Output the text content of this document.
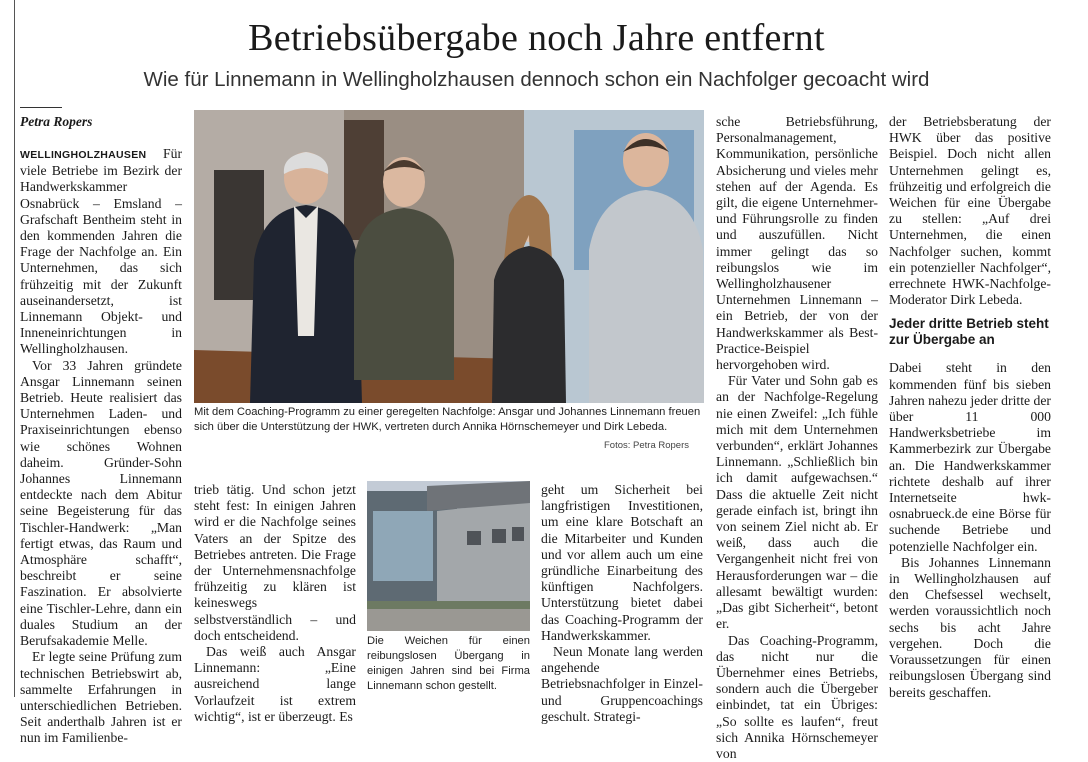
Betriebsübergabe noch Jahre entfernt
Wie für Linnemann in Wellingholzhausen dennoch schon ein Nachfolger gecoacht wird
Petra Ropers

WELLINGHOLZHAUSEN Für viele Betriebe im Bezirk der Handwerkskammer Osnabrück – Emsland – Grafschaft Bentheim steht in den kommenden Jahren die Frage der Nachfolge an. Ein Unternehmen, das sich frühzeitig mit der Zukunft auseinandersetzt, ist Linnemann Objekt- und Inneneinrichtungen in Wellingholzhausen.

Vor 33 Jahren gründete Ansgar Linnemann seinen Betrieb. Heute realisiert das Unternehmen Laden- und Praxiseinrichtungen ebenso wie schönes Wohnen daheim. Gründer-Sohn Johannes Linnemann entdeckte nach dem Abitur seine Begeisterung für das Tischler-Handwerk: „Man fertigt etwas, das Raum und Atmosphäre schafft“, beschreibt er seine Faszination. Er absolvierte eine Tischler-Lehre, dann ein duales Studium an der Berufsakademie Melle.

Er legte seine Prüfung zum technischen Betriebswirt ab, sammelte Erfahrungen in unterschiedlichen Betrieben. Seit anderthalb Jahren ist er nun im Familienbe-

Mit dem Coaching-Programm zu einer geregelten Nachfolge: Ansgar und Johannes Linnemann freuen sich über die Unterstützung der HWK, vertreten durch Annika Hörnschemeyer und Dirk Lebeda.
Fotos: Petra Ropers

trieb tätig. Und schon jetzt steht fest: In einigen Jahren wird er die Nachfolge seines Vaters an der Spitze des Betriebes antreten. Die Frage der Unternehmensnachfolge frühzeitig zu klären ist keineswegs selbstverständlich – und doch entscheidend.

Das weiß auch Ansgar Linnemann: „Eine ausreichend lange Vorlaufzeit ist extrem wichtig“, ist er überzeugt. Es

Die Weichen für einen reibungslosen Übergang in einigen Jahren sind bei Firma Linnemann schon gestellt.

geht um Sicherheit bei langfristigen Investitionen, um eine klare Botschaft an die Mitarbeiter und Kunden und vor allem auch um eine gründliche Einarbeitung des künftigen Nachfolgers. Unterstützung bietet dabei das Coaching-Programm der Handwerkskammer.

Neun Monate lang werden angehende Betriebsnachfolger in Einzel- und Gruppencoachings geschult. Strategi-

sche Betriebsführung, Personalmanagement, Kommunikation, persönliche Absicherung und vieles mehr stehen auf der Agenda. Es gilt, die eigene Unternehmer- und Führungsrolle zu finden und auszufüllen. Nicht immer gelingt das so reibungslos wie im Wellingholzhausener Unternehmen Linnemann – ein Betrieb, der von der Handwerkskammer als Best-Practice-Beispiel hervorgehoben wird.

Für Vater und Sohn gab es an der Nachfolge-Regelung nie einen Zweifel: „Ich fühle mich mit dem Unternehmen verbunden“, erklärt Johannes Linnemann. „Schließlich bin ich damit aufgewachsen.“ Dass die aktuelle Zeit nicht gerade einfach ist, bringt ihn von seinem Ziel nicht ab. Er weiß, dass auch die Vergangenheit nicht frei von Herausforderungen war – die allesamt bewältigt wurden: „Das gibt Sicherheit“, betont er.

Das Coaching-Programm, das nicht nur die Übernehmer eines Betriebs, sondern auch die Übergeber einbindet, tat ein Übriges: „So sollte es laufen“, freut sich Annika Hörnschemeyer von

der Betriebsberatung der HWK über das positive Beispiel. Doch nicht allen Unternehmen gelingt es, frühzeitig und erfolgreich die Weichen für eine Übergabe zu stellen: „Auf drei Unternehmen, die einen Nachfolger suchen, kommt ein potenzieller Nachfolger“, errechnete HWK-Nachfolge-Moderator Dirk Lebeda.

Jeder dritte Betrieb steht zur Übergabe an

Dabei steht in den kommenden fünf bis sieben Jahren nahezu jeder dritte der über 11 000 Handwerksbetriebe im Kammerbezirk zur Übergabe an. Die Handwerkskammer richtete deshalb auf ihrer Internetseite hwk-osnabrueck.de eine Börse für suchende Betriebe und potenzielle Nachfolger ein.

Bis Johannes Linnemann in Wellingholzhausen auf den Chefsessel wechselt, werden voraussichtlich noch sechs bis acht Jahre vergehen. Doch die Voraussetzungen für einen reibungslosen Übergang sind bereits geschaffen.
